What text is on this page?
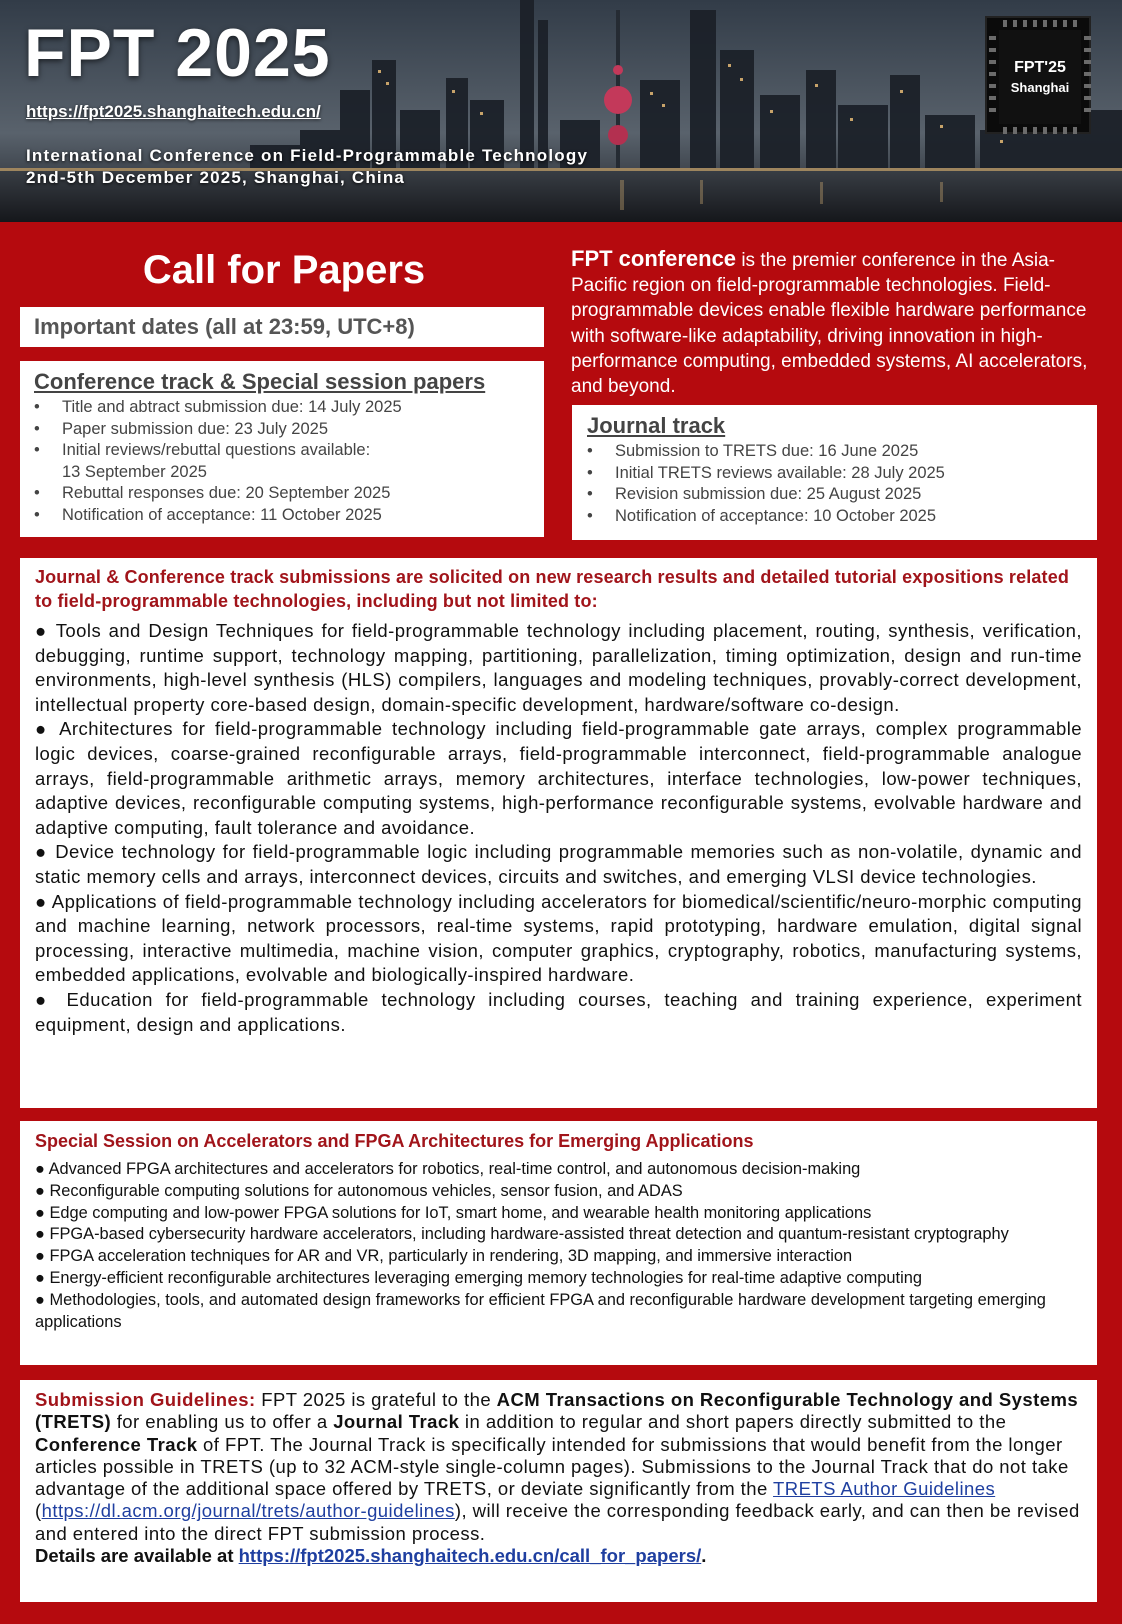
FPT 2025
https://fpt2025.shanghaitech.edu.cn/
International Conference on Field-Programmable Technology
2nd-5th December 2025, Shanghai, China
FPT'25
Shanghai
Call for Papers
Important dates (all at 23:59, UTC+8)
Conference track & Special session papers
• Title and abtract submission due: 14 July 2025
• Paper submission due: 23 July 2025
• Initial reviews/rebuttal questions available:
13 September 2025
• Rebuttal responses due: 20 September 2025
• Notification of acceptance: 11 October 2025
FPT conference is the premier conference in the Asia-Pacific region on field-programmable technologies. Field-programmable devices enable flexible hardware performance with software-like adaptability, driving innovation in high-performance computing, embedded systems, AI accelerators, and beyond.
Journal track
• Submission to TRETS due: 16 June 2025
• Initial TRETS reviews available: 28 July 2025
• Revision submission due: 25 August 2025
• Notification of acceptance: 10 October 2025
Journal & Conference track submissions are solicited on new research results and detailed tutorial expositions related to field-programmable technologies, including but not limited to:
● Tools and Design Techniques for field-programmable technology including placement, routing, synthesis, verification, debugging, runtime support, technology mapping, partitioning, parallelization, timing optimization, design and run-time environments, high-level synthesis (HLS) compilers, languages and modeling techniques, provably-correct development, intellectual property core-based design, domain-specific development, hardware/software co-design.
● Architectures for field-programmable technology including field-programmable gate arrays, complex programmable logic devices, coarse-grained reconfigurable arrays, field-programmable interconnect, field-programmable analogue arrays, field-programmable arithmetic arrays, memory architectures, interface technologies, low-power techniques, adaptive devices, reconfigurable computing systems, high-performance reconfigurable systems, evolvable hardware and adaptive computing, fault tolerance and avoidance.
● Device technology for field-programmable logic including programmable memories such as non-volatile, dynamic and static memory cells and arrays, interconnect devices, circuits and switches, and emerging VLSI device technologies.
● Applications of field-programmable technology including accelerators for biomedical/scientific/neuro-morphic computing and machine learning, network processors, real-time systems, rapid prototyping, hardware emulation, digital signal processing, interactive multimedia, machine vision, computer graphics, cryptography, robotics, manufacturing systems, embedded applications, evolvable and biologically-inspired hardware.
● Education for field-programmable technology including courses, teaching and training experience, experiment equipment, design and applications.
Special Session on Accelerators and FPGA Architectures for Emerging Applications
● Advanced FPGA architectures and accelerators for robotics, real-time control, and autonomous decision-making
● Reconfigurable computing solutions for autonomous vehicles, sensor fusion, and ADAS
● Edge computing and low-power FPGA solutions for IoT, smart home, and wearable health monitoring applications
● FPGA-based cybersecurity hardware accelerators, including hardware-assisted threat detection and quantum-resistant cryptography
● FPGA acceleration techniques for AR and VR, particularly in rendering, 3D mapping, and immersive interaction
● Energy-efficient reconfigurable architectures leveraging emerging memory technologies for real-time adaptive computing
● Methodologies, tools, and automated design frameworks for efficient FPGA and reconfigurable hardware development targeting emerging applications
Submission Guidelines: FPT 2025 is grateful to the ACM Transactions on Reconfigurable Technology and Systems (TRETS) for enabling us to offer a Journal Track in addition to regular and short papers directly submitted to the Conference Track of FPT. The Journal Track is specifically intended for submissions that would benefit from the longer articles possible in TRETS (up to 32 ACM-style single-column pages). Submissions to the Journal Track that do not take advantage of the additional space offered by TRETS, or deviate significantly from the TRETS Author Guidelines (https://dl.acm.org/journal/trets/author-guidelines), will receive the corresponding feedback early, and can then be revised and entered into the direct FPT submission process.
Details are available at https://fpt2025.shanghaitech.edu.cn/call_for_papers/.
